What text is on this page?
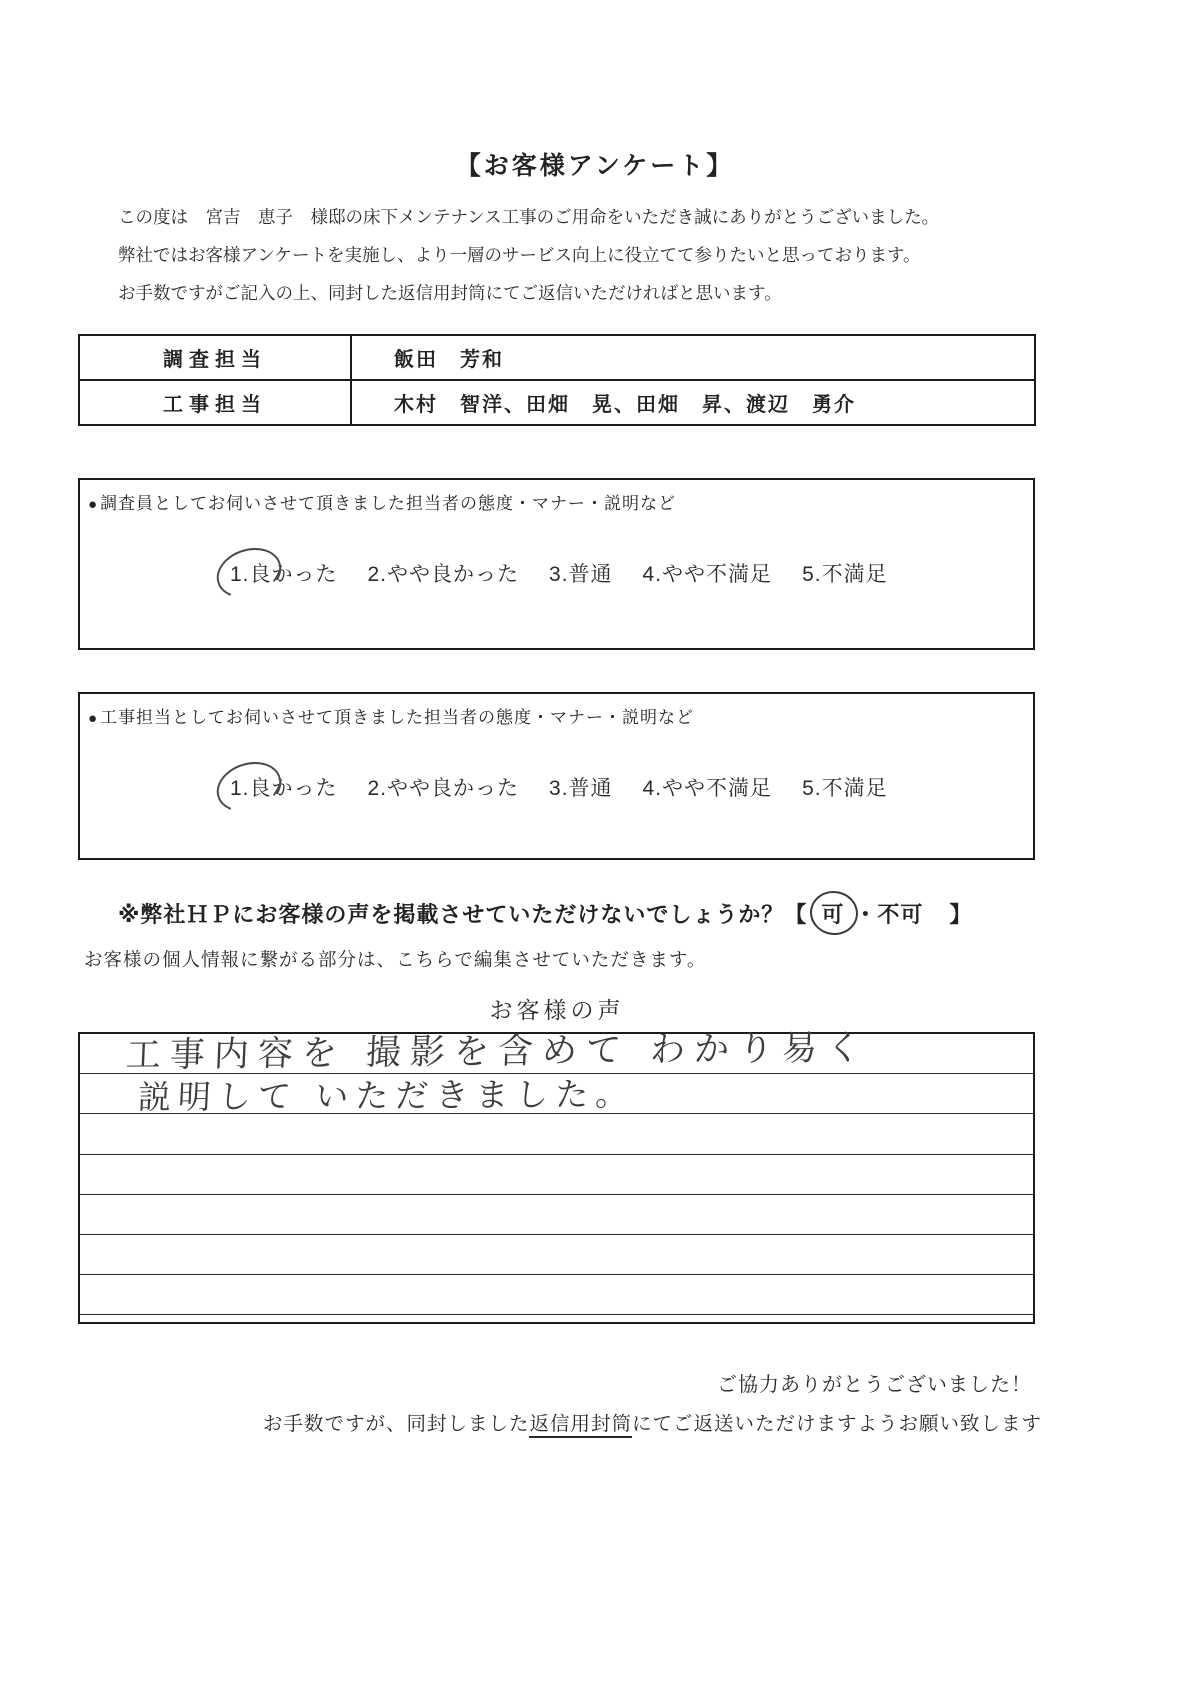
【お客様アンケート】
この度は　宮吉　恵子　様邸の床下メンテナンス工事のご用命をいただき誠にありがとうございました。
弊社ではお客様アンケートを実施し、より一層のサービス向上に役立てて参りたいと思っております。
お手数ですがご記入の上、同封した返信用封筒にてご返信いただければと思います。
調査担当	飯田　芳和
工事担当	木村　智洋、田畑　晃、田畑　昇、渡辺　勇介
● 調査員としてお伺いさせて頂きました担当者の態度・マナー・説明など
1.良かった 2.やや良かった 3.普通 4.やや不満足 5.不満足
● 工事担当としてお伺いさせて頂きました担当者の態度・マナー・説明など
1.良かった 2.やや良かった 3.普通 4.やや不満足 5.不満足
※弊社ＨＰにお客様の声を掲載させていただけないでしょうか？【 可 ・不可 】
お客様の個人情報に繋がる部分は、こちらで編集させていただきます。
お客様の声
工事内容を 撮影を含めて わかり易く
説明して いただきました。
ご協力ありがとうございました！
お手数ですが、同封しました返信用封筒にてご返送いただけますようお願い致します
